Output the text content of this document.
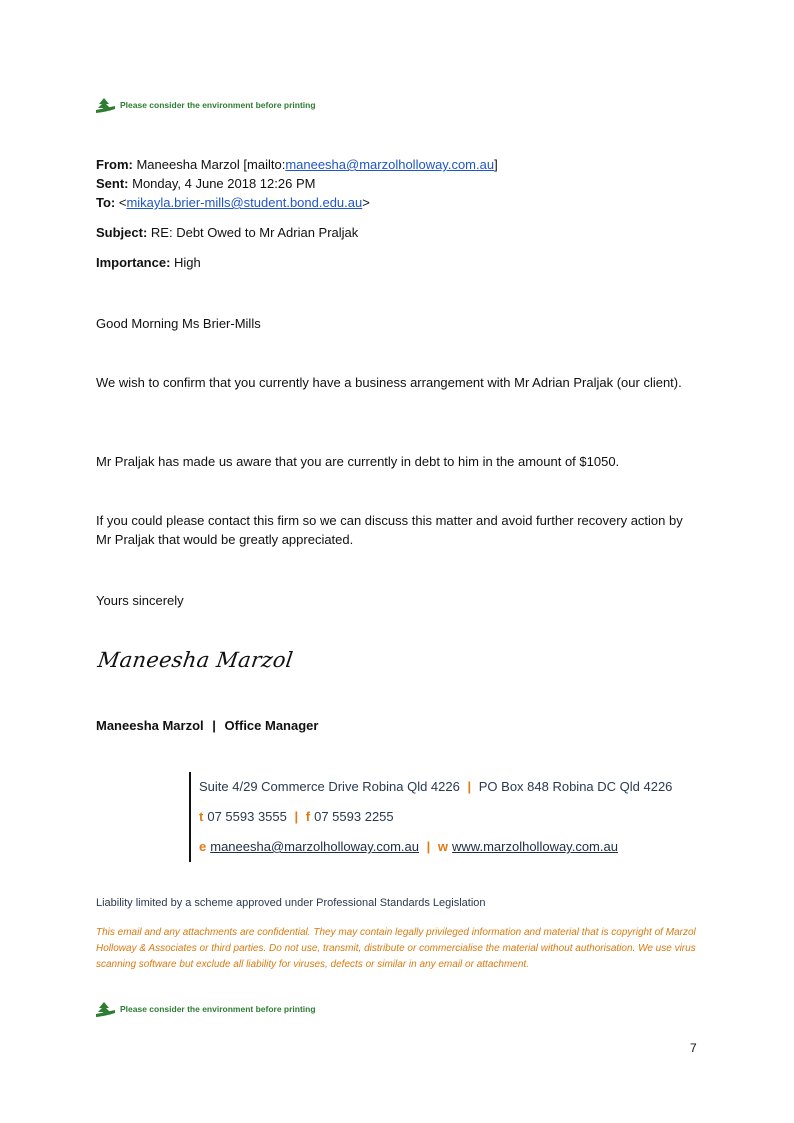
Please consider the environment before printing
From: Maneesha Marzol [mailto:maneesha@marzolholloway.com.au]
Sent: Monday, 4 June 2018 12:26 PM
To: <mikayla.brier-mills@student.bond.edu.au>
Subject: RE: Debt Owed to Mr Adrian Praljak
Importance: High

Good Morning Ms Brier-Mills

We wish to confirm that you currently have a business arrangement with Mr Adrian Praljak (our client).

Mr Praljak has made us aware that you are currently in debt to him in the amount of $1050.

If you could please contact this firm so we can discuss this matter and avoid further recovery action by Mr Praljak that would be greatly appreciated.

Yours sincerely

Maneesha Marzol
Maneesha Marzol | Office Manager
Suite 4/29 Commerce Drive Robina Qld 4226 | PO Box 848 Robina DC Qld 4226
t 07 5593 3555 | f 07 5593 2255
e maneesha@marzolholloway.com.au | w www.marzolholloway.com.au
Liability limited by a scheme approved under Professional Standards Legislation
This email and any attachments are confidential. They may contain legally privileged information and material that is copyright of Marzol Holloway & Associates or third parties. Do not use, transmit, distribute or commercialise the material without authorisation. We use virus scanning software but exclude all liability for viruses, defects or similar in any email or attachment.
Please consider the environment before printing
7
